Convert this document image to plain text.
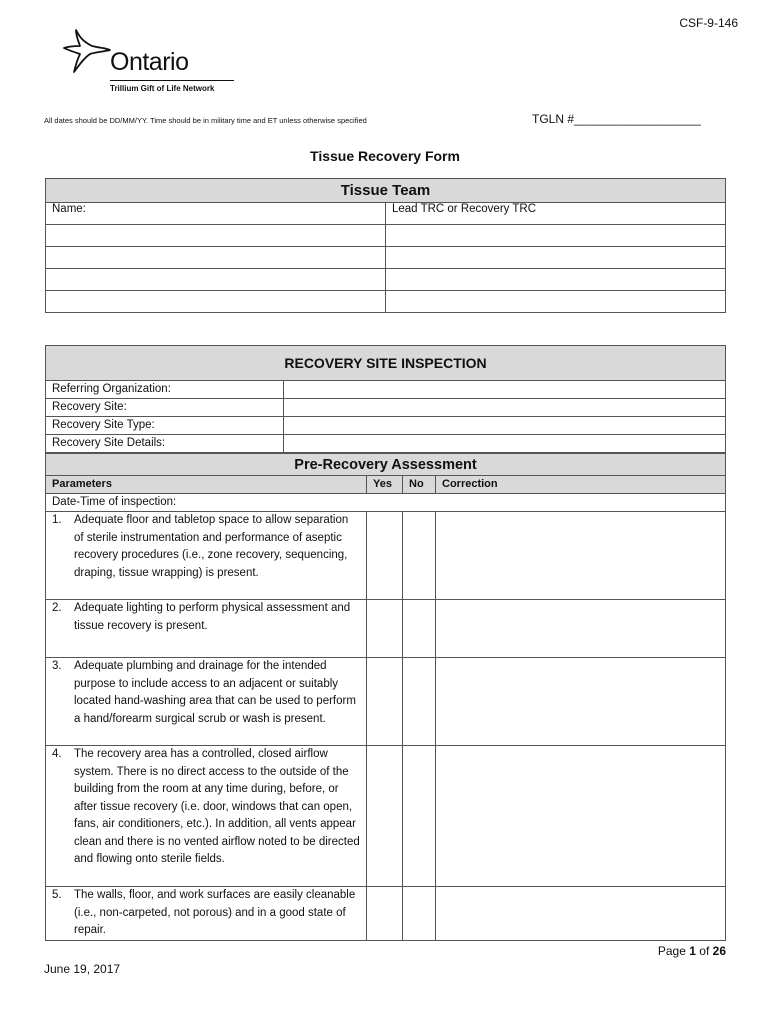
CSF-9-146
Ontario
Trillium Gift of Life Network
All dates should be DD/MM/YY. Time should be in military time and ET unless otherwise specified	TGLN #___________________
Tissue Recovery Form
Tissue Team	
Name:	Lead TRC or Recovery TRC

RECOVERY SITE INSPECTION	
Referring Organization:	
Recovery Site:	
Recovery Site Type:	
Recovery Site Details:	
Pre-Recovery Assessment			
Parameters	Yes	No	Correction
Date-Time of inspection:			

1. Adequate floor and tabletop space to allow separation of sterile instrumentation and performance of aseptic recovery procedures (i.e., zone recovery, sequencing, draping, tissue wrapping) is present.			

2. Adequate lighting to perform physical assessment and tissue recovery is present.			

3. Adequate plumbing and drainage for the intended purpose to include access to an adjacent or suitably located hand-washing area that can be used to perform a hand/forearm surgical scrub or wash is present.			

4. The recovery area has a controlled, closed airflow system. There is no direct access to the outside of the building from the room at any time during, before, or after tissue recovery (i.e. door, windows that can open, fans, air conditioners, etc.). In addition, all vents appear clean and there is no vented airflow noted to be directed and flowing onto sterile fields.			

5. The walls, floor, and work surfaces are easily cleanable (i.e., non-carpeted, not porous) and in a good state of repair.			

Page 1 of 26
June 19, 2017
